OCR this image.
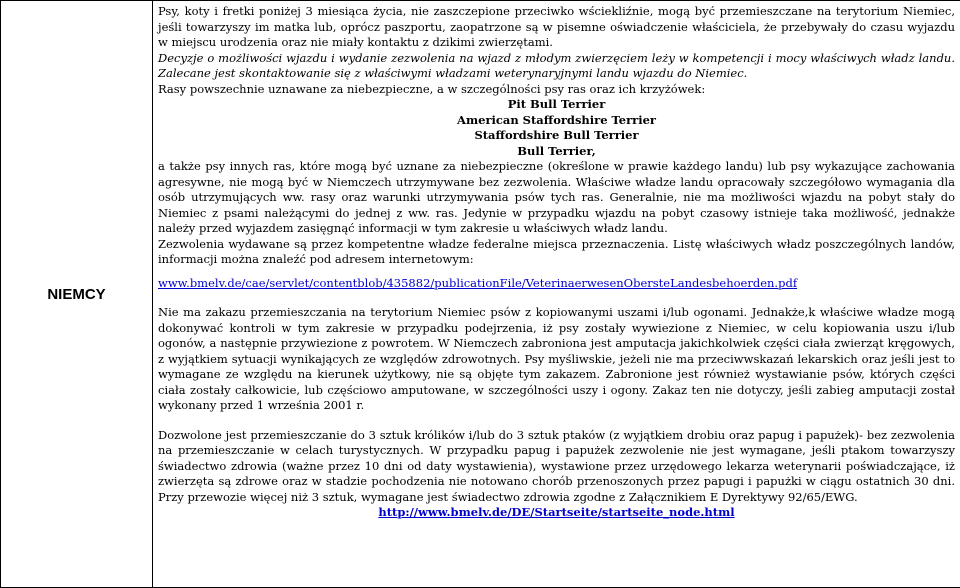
NIEMCY	
Psy, koty i fretki poniżej 3 miesiąca życia, nie zaszczepione przeciwko wściekliźnie, mogą być przemieszczane na terytorium Niemiec, jeśli towarzyszy im matka lub, oprócz paszportu, zaopatrzone są w pisemne oświadczenie właściciela, że przebywały do czasu wyjazdu w miejscu urodzenia oraz nie miały kontaktu z dzikimi zwierzętami.
Decyzje o możliwości wjazdu i wydanie zezwolenia na wjazd z młodym zwierzęciem leży w kompetencji i mocy właściwych władz landu. Zalecane jest skontaktowanie się z właściwymi władzami weterynaryjnymi landu wjazdu do Niemiec.
Rasy powszechnie uznawane za niebezpieczne, a w szczególności psy ras oraz ich krzyżówek:
Pit Bull Terrier
American Staffordshire Terrier
Staffordshire Bull Terrier
Bull Terrier,
a także psy innych ras, które mogą być uznane za niebezpieczne (określone w prawie każdego landu) lub psy wykazujące zachowania agresywne, nie mogą być w Niemczech utrzymywane bez zezwolenia. Właściwe władze landu opracowały szczegółowo wymagania dla osób utrzymujących ww. rasy oraz warunki utrzymywania psów tych ras. Generalnie, nie ma możliwości wjazdu na pobyt stały do Niemiec z psami należącymi do jednej z ww. ras. Jedynie w przypadku wjazdu na pobyt czasowy istnieje taka możliwość, jednakże należy przed wyjazdem zasięgnąć informacji w tym zakresie u właściwych władz landu.
Zezwolenia wydawane są przez kompetentne władze federalne miejsca przeznaczenia. Listę właściwych władz poszczególnych landów, informacji można znaleźć pod adresem internetowym:
www.bmelv.de/cae/servlet/contentblob/435882/publicationFile/VeterinaerwesenObersteLandesbehoerden.pdf
Nie ma zakazu przemieszczania na terytorium Niemiec psów z kopiowanymi uszami i/lub ogonami. Jednakże,k właściwe władze mogą dokonywać kontroli w tym zakresie w przypadku podejrzenia, iż psy zostały wywiezione z Niemiec, w celu kopiowania uszu i/lub ogonów, a następnie przywiezione z powrotem. W Niemczech zabroniona jest amputacja jakichkolwiek części ciała zwierząt kręgowych, z wyjątkiem sytuacji wynikających ze względów zdrowotnych. Psy myśliwskie, jeżeli nie ma przeciwwskazań lekarskich oraz jeśli jest to wymagane ze względu na kierunek użytkowy, nie są objęte tym zakazem. Zabronione jest również wystawianie psów, których części ciała zostały całkowicie, lub częściowo amputowane, w szczególności uszy i ogony. Zakaz ten nie dotyczy, jeśli zabieg amputacji został wykonany przed 1 września 2001 r.
Dozwolone jest przemieszczanie do 3 sztuk królików i/lub do 3 sztuk ptaków (z wyjątkiem drobiu oraz papug i papużek)- bez zezwolenia na przemieszczanie w celach turystycznych. W przypadku papug i papużek zezwolenie nie jest wymagane, jeśli ptakom towarzyszy świadectwo zdrowia (ważne przez 10 dni od daty wystawienia), wystawione przez urzędowego lekarza weterynarii poświadczające, iż zwierzęta są zdrowe oraz w stadzie pochodzenia nie notowano chorób przenoszonych przez papugi i papużki w ciągu ostatnich 30 dni. Przy przewozie więcej niż 3 sztuk, wymagane jest świadectwo zdrowia zgodne z Załącznikiem E Dyrektywy 92/65/EWG.
http://www.bmelv.de/DE/Startseite/startseite_node.html
